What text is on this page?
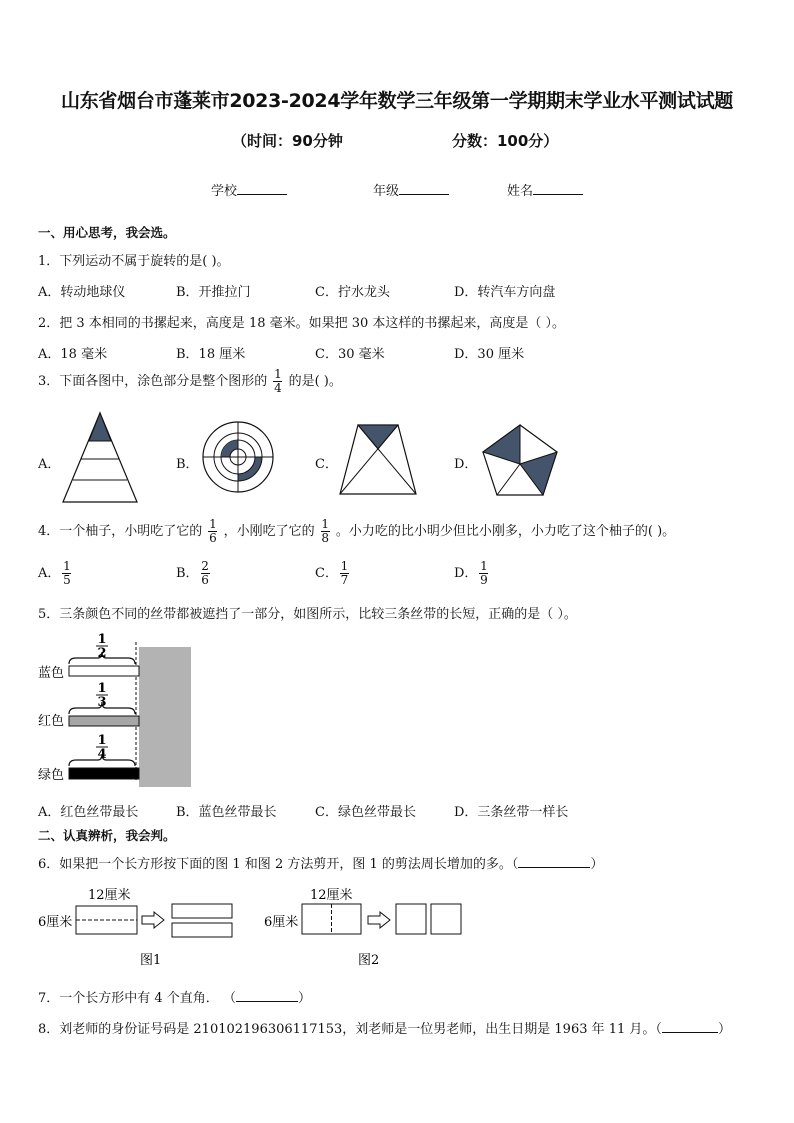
山东省烟台市蓬莱市2023-2024学年数学三年级第一学期期末学业水平测试试题
（时间：90分钟	分数：100分）
学校	年级	姓名
一、用心思考，我会选。
1．下列运动不属于旋转的是( )。
A．转动地球仪	B．开推拉门	C．拧水龙头	D．转汽车方向盘
2．把 3 本相同的书摞起来，高度是 18 毫米。如果把 30 本这样的书摞起来，高度是（ ）。
A．18 毫米	B．18 厘米	C．30 毫米	D．30 厘米
3．下面各图中，涂色部分是整个图形的 $\frac{1}{4}$ 的是( )。
A．	B．	C．	D．
4．一个柚子，小明吃了它的 $\frac{1}{6}$ ，小刚吃了它的 $\frac{1}{8}$ 。小力吃的比小明少但比小刚多，小力吃了这个柚子的( )。
A． $\frac{1}{5}$	B． $\frac{2}{6}$	C． $\frac{1}{7}$	D． $\frac{1}{9}$
5．三条颜色不同的丝带都被遮挡了一部分，如图所示，比较三条丝带的长短，正确的是（ ）。
1
2
蓝色
1
3
红色
1
4
绿色
A．红色丝带最长	B．蓝色丝带最长	C．绿色丝带最长	D．三条丝带一样长
二、认真辨析，我会判。
6．如果把一个长方形按下面的图 1 和图 2 方法剪开，图 1 的剪法周长增加的多。（	）
12厘米
6厘米
图1
12厘米
6厘米
图2
7．一个长方形中有 4 个直角． （	）
8．刘老师的身份证号码是 210102196306117153，刘老师是一位男老师，出生日期是 1963 年 11 月。（	）
